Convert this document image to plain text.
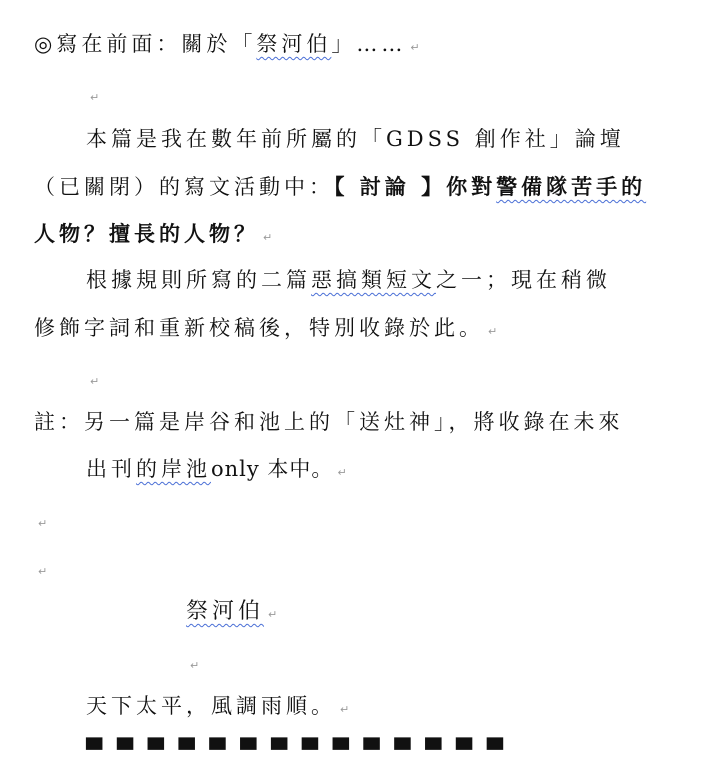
◎寫在前面：關於「祭河伯」…… ↵
↵
本篇是我在數年前所屬的「GDSS 創作社」論壇
（已關閉）的寫文活動中：【 討論 】你對警備隊苦手的
人物？擅長的人物？ ↵
根據規則所寫的二篇惡搞類短文之一；現在稍微
修飾字詞和重新校稿後，特別收錄於此。 ↵
↵
註：另一篇是岸谷和池上的「送灶神」，將收錄在未來
出刊的岸池only 本中。 ↵
↵
↵
祭河伯 ↵
↵
天下太平，風調雨順。 ↵
▀ ▀ ▀ ▀ ▀ ▀ ▀ ▀ ▀ ▀ ▀ ▀ ▀ ▀
